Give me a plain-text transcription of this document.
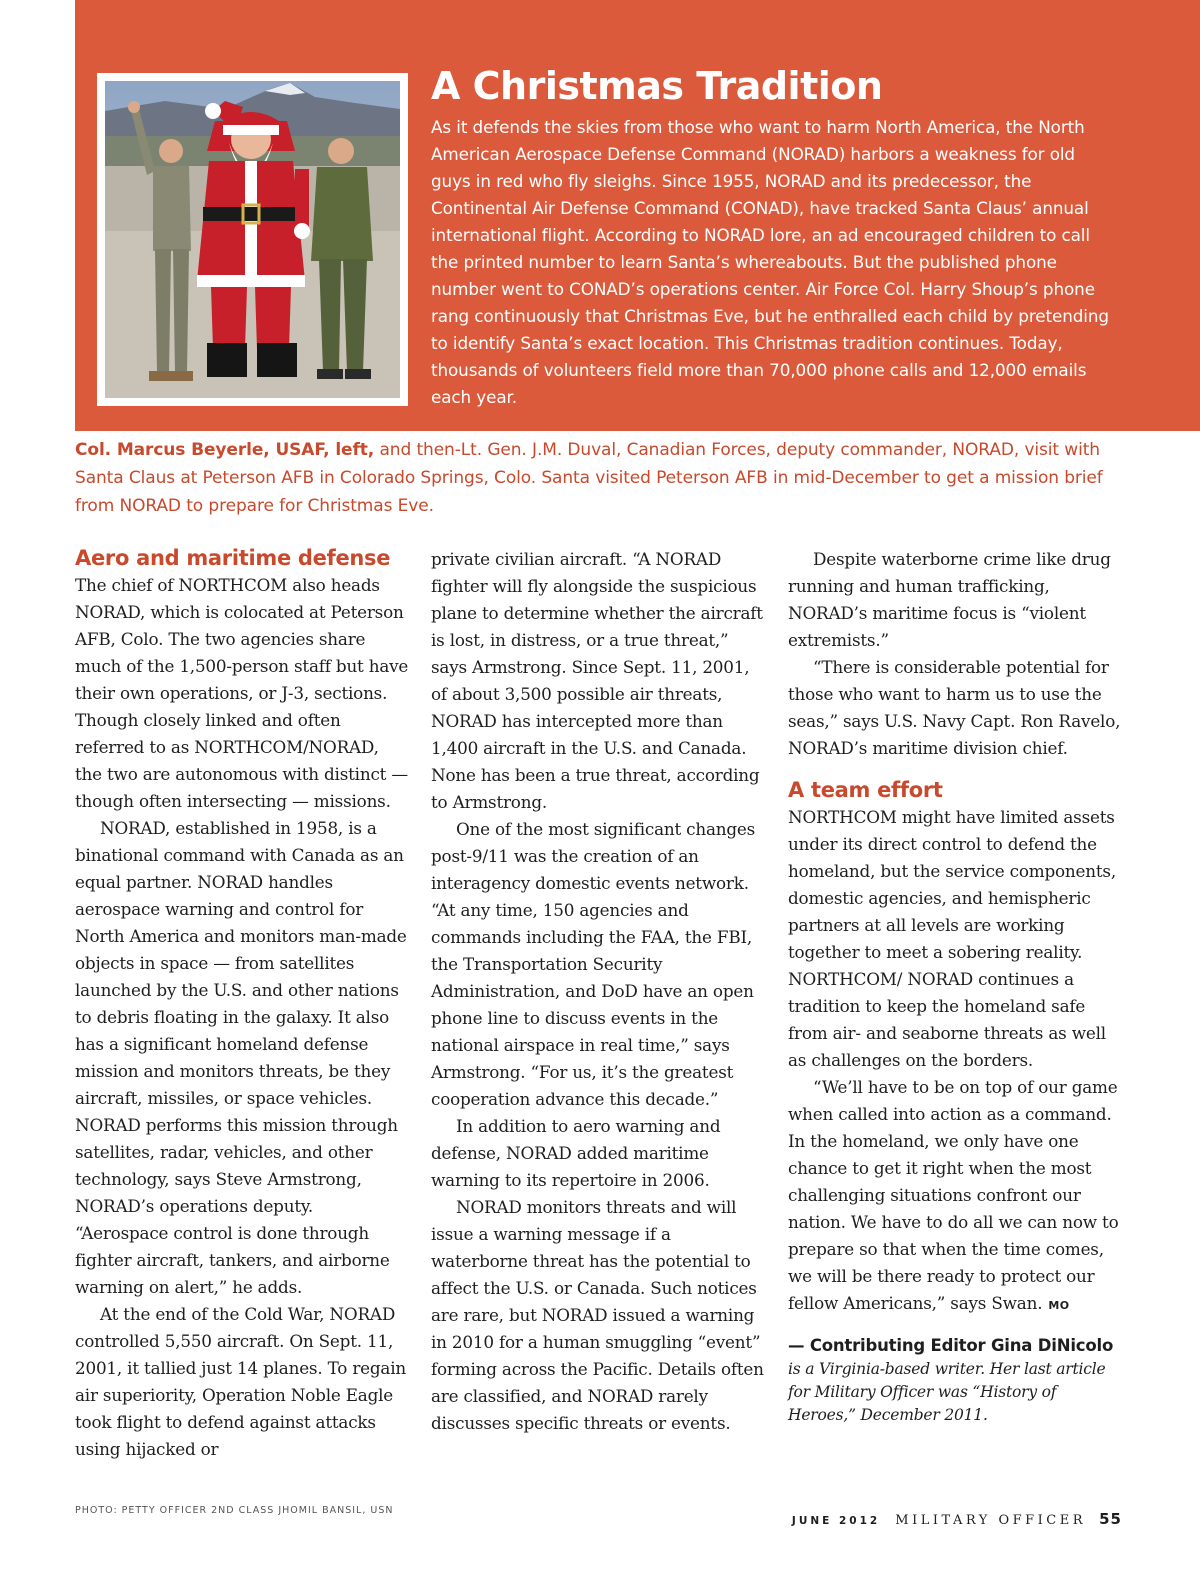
A Christmas Tradition
As it defends the skies from those who want to harm North America, the North American Aerospace Defense Command (NORAD) harbors a weakness for old guys in red who fly sleighs. Since 1955, NORAD and its predecessor, the Continental Air Defense Command (CONAD), have tracked Santa Claus’ annual international flight. According to NORAD lore, an ad encouraged children to call the printed number to learn Santa’s whereabouts. But the published phone number went to CONAD’s operations center. Air Force Col. Harry Shoup’s phone rang continuously that Christmas Eve, but he enthralled each child by pretending to identify Santa’s exact location. This Christmas tradition continues. Today, thousands of volunteers field more than 70,000 phone calls and 12,000 emails each year.
Col. Marcus Beyerle, USAF, left, and then-Lt. Gen. J.M. Duval, Canadian Forces, deputy commander, NORAD, visit with Santa Claus at Peterson AFB in Colorado Springs, Colo. Santa visited Peterson AFB in mid-December to get a mission brief from NORAD to prepare for Christmas Eve.
Aero and maritime defense

The chief of NORTHCOM also heads NORAD, which is colocated at Peterson AFB, Colo. The two agencies share much of the 1,500-person staff but have their own operations, or J-3, sections. Though closely linked and often referred to as NORTHCOM/NORAD, the two are autonomous with distinct — though often intersecting — missions.

NORAD, established in 1958, is a binational command with Canada as an equal partner. NORAD handles aerospace warning and control for North America and monitors man-made objects in space — from satellites launched by the U.S. and other nations to debris floating in the galaxy. It also has a significant homeland defense mission and monitors threats, be they aircraft, missiles, or space vehicles. NORAD performs this mission through satellites, radar, vehicles, and other technology, says Steve Armstrong, NORAD’s operations deputy. “Aerospace control is done through fighter aircraft, tankers, and airborne warning on alert,” he adds.

At the end of the Cold War, NORAD controlled 5,550 aircraft. On Sept. 11, 2001, it tallied just 14 planes. To regain air superiority, Operation Noble Eagle took flight to defend against attacks using hijacked or

private civilian aircraft. “A NORAD fighter will fly alongside the suspicious plane to determine whether the aircraft is lost, in distress, or a true threat,” says Armstrong. Since Sept. 11, 2001, of about 3,500 possible air threats, NORAD has intercepted more than 1,400 aircraft in the U.S. and Canada. None has been a true threat, according to Armstrong.

One of the most significant changes post-9/11 was the creation of an interagency domestic events network. “At any time, 150 agencies and commands including the FAA, the FBI, the Transportation Security Administration, and DoD have an open phone line to discuss events in the national airspace in real time,” says Armstrong. “For us, it’s the greatest cooperation advance this decade.”

In addition to aero warning and defense, NORAD added maritime warning to its repertoire in 2006.

NORAD monitors threats and will issue a warning message if a waterborne threat has the potential to affect the U.S. or Canada. Such notices are rare, but NORAD issued a warning in 2010 for a human smuggling “event” forming across the Pacific. Details often are classified, and NORAD rarely discusses specific threats or events.

Despite waterborne crime like drug running and human trafficking, NORAD’s maritime focus is “violent extremists.”

“There is considerable potential for those who want to harm us to use the seas,” says U.S. Navy Capt. Ron Ravelo, NORAD’s maritime division chief.

A team effort

NORTHCOM might have limited assets under its direct control to defend the homeland, but the service components, domestic agencies, and hemispheric partners at all levels are working together to meet a sobering reality. NORTHCOM/ NORAD continues a tradition to keep the homeland safe from air- and seaborne threats as well as challenges on the borders.

“We’ll have to be on top of our game when called into action as a command. In the homeland, we only have one chance to get it right when the most challenging situations confront our nation. We have to do all we can now to prepare so that when the time comes, we will be there ready to protect our fellow Americans,” says Swan. MO

— Contributing Editor Gina DiNicolo
is a Virginia-based writer. Her last article for Military Officer was “History of Heroes,” December 2011.
PHOTO: PETTY OFFICER 2ND CLASS JHOMIL BANSIL, USN
JUNE 2012 MILITARY OFFICER 55
